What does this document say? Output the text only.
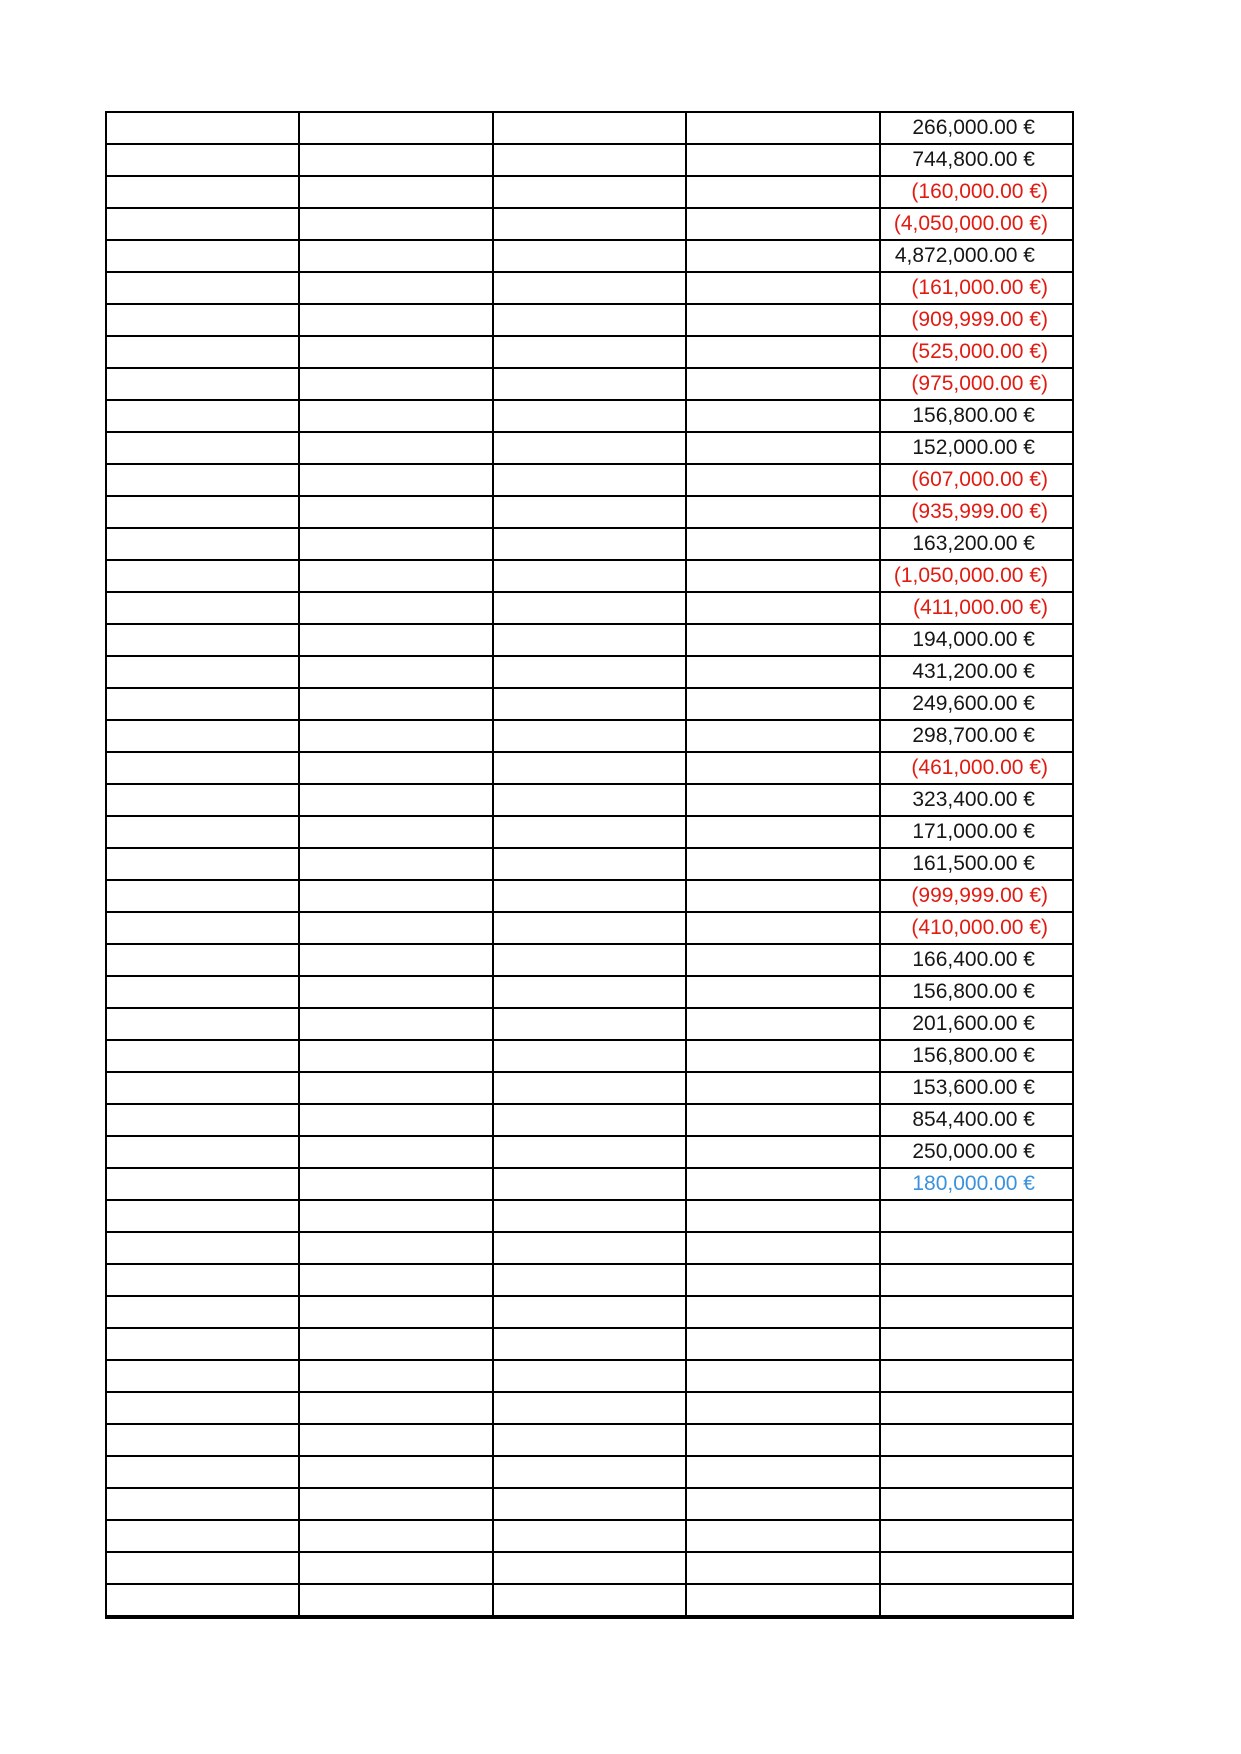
				266,000.00 €
				744,800.00 €
				(160,000.00 €)
				(4,050,000.00 €)
				4,872,000.00 €
				(161,000.00 €)
				(909,999.00 €)
				(525,000.00 €)
				(975,000.00 €)
				156,800.00 €
				152,000.00 €
				(607,000.00 €)
				(935,999.00 €)
				163,200.00 €
				(1,050,000.00 €)
				(411,000.00 €)
				194,000.00 €
				431,200.00 €
				249,600.00 €
				298,700.00 €
				(461,000.00 €)
				323,400.00 €
				171,000.00 €
				161,500.00 €
				(999,999.00 €)
				(410,000.00 €)
				166,400.00 €
				156,800.00 €
				201,600.00 €
				156,800.00 €
				153,600.00 €
				854,400.00 €
				250,000.00 €
				180,000.00 €
